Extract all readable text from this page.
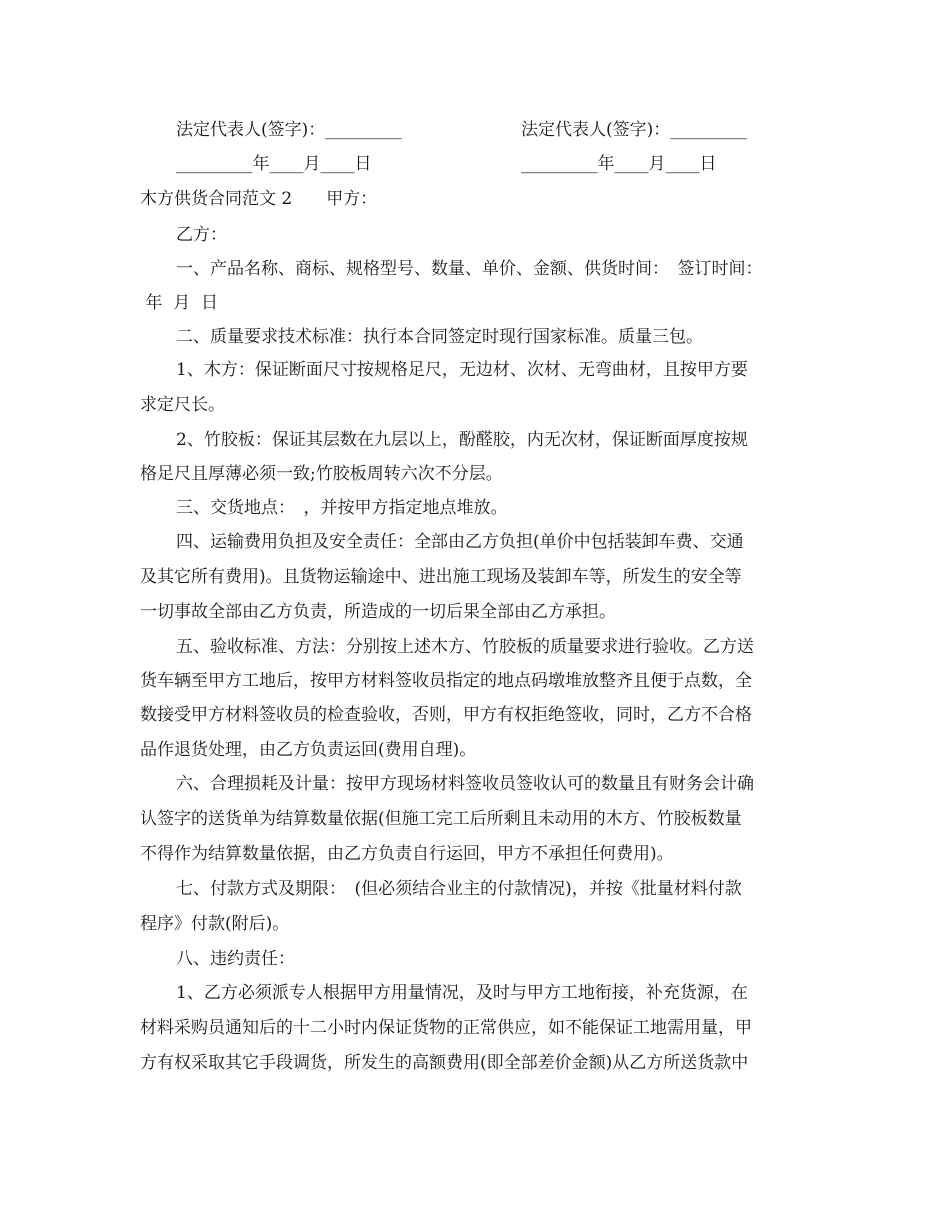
法定代表人(签字)：_________	法定代表人(签字)：_________
_________年____月____日	_________年____月____日
木方供货合同范文 2　　甲方：
乙方：
一、产品名称、商标、规格型号、数量、单价、金额、供货时间：　签订时间：
年  月  日
二、质量要求技术标准：执行本合同签定时现行国家标准。质量三包。
1、木方：保证断面尺寸按规格足尺，无边材、次材、无弯曲材，且按甲方要
求定尺长。
2、竹胶板：保证其层数在九层以上，酚醛胶，内无次材，保证断面厚度按规
格足尺且厚薄必须一致;竹胶板周转六次不分层。
三、交货地点：　，并按甲方指定地点堆放。
四、运输费用负担及安全责任：全部由乙方负担(单价中包括装卸车费、交通
及其它所有费用)。且货物运输途中、进出施工现场及装卸车等，所发生的安全等
一切事故全部由乙方负责，所造成的一切后果全部由乙方承担。
五、验收标准、方法：分别按上述木方、竹胶板的质量要求进行验收。乙方送
货车辆至甲方工地后，按甲方材料签收员指定的地点码墩堆放整齐且便于点数，全
数接受甲方材料签收员的检查验收，否则，甲方有权拒绝签收，同时，乙方不合格
品作退货处理，由乙方负责运回(费用自理)。
六、合理损耗及计量：按甲方现场材料签收员签收认可的数量且有财务会计确
认签字的送货单为结算数量依据(但施工完工后所剩且未动用的木方、竹胶板数量
不得作为结算数量依据，由乙方负责自行运回，甲方不承担任何费用)。
七、付款方式及期限：　(但必须结合业主的付款情况)，并按《批量材料付款
程序》付款(附后)。
八、违约责任：
1、乙方必须派专人根据甲方用量情况，及时与甲方工地衔接，补充货源，在
材料采购员通知后的十二小时内保证货物的正常供应，如不能保证工地需用量，甲
方有权采取其它手段调货，所发生的高额费用(即全部差价金额)从乙方所送货款中
